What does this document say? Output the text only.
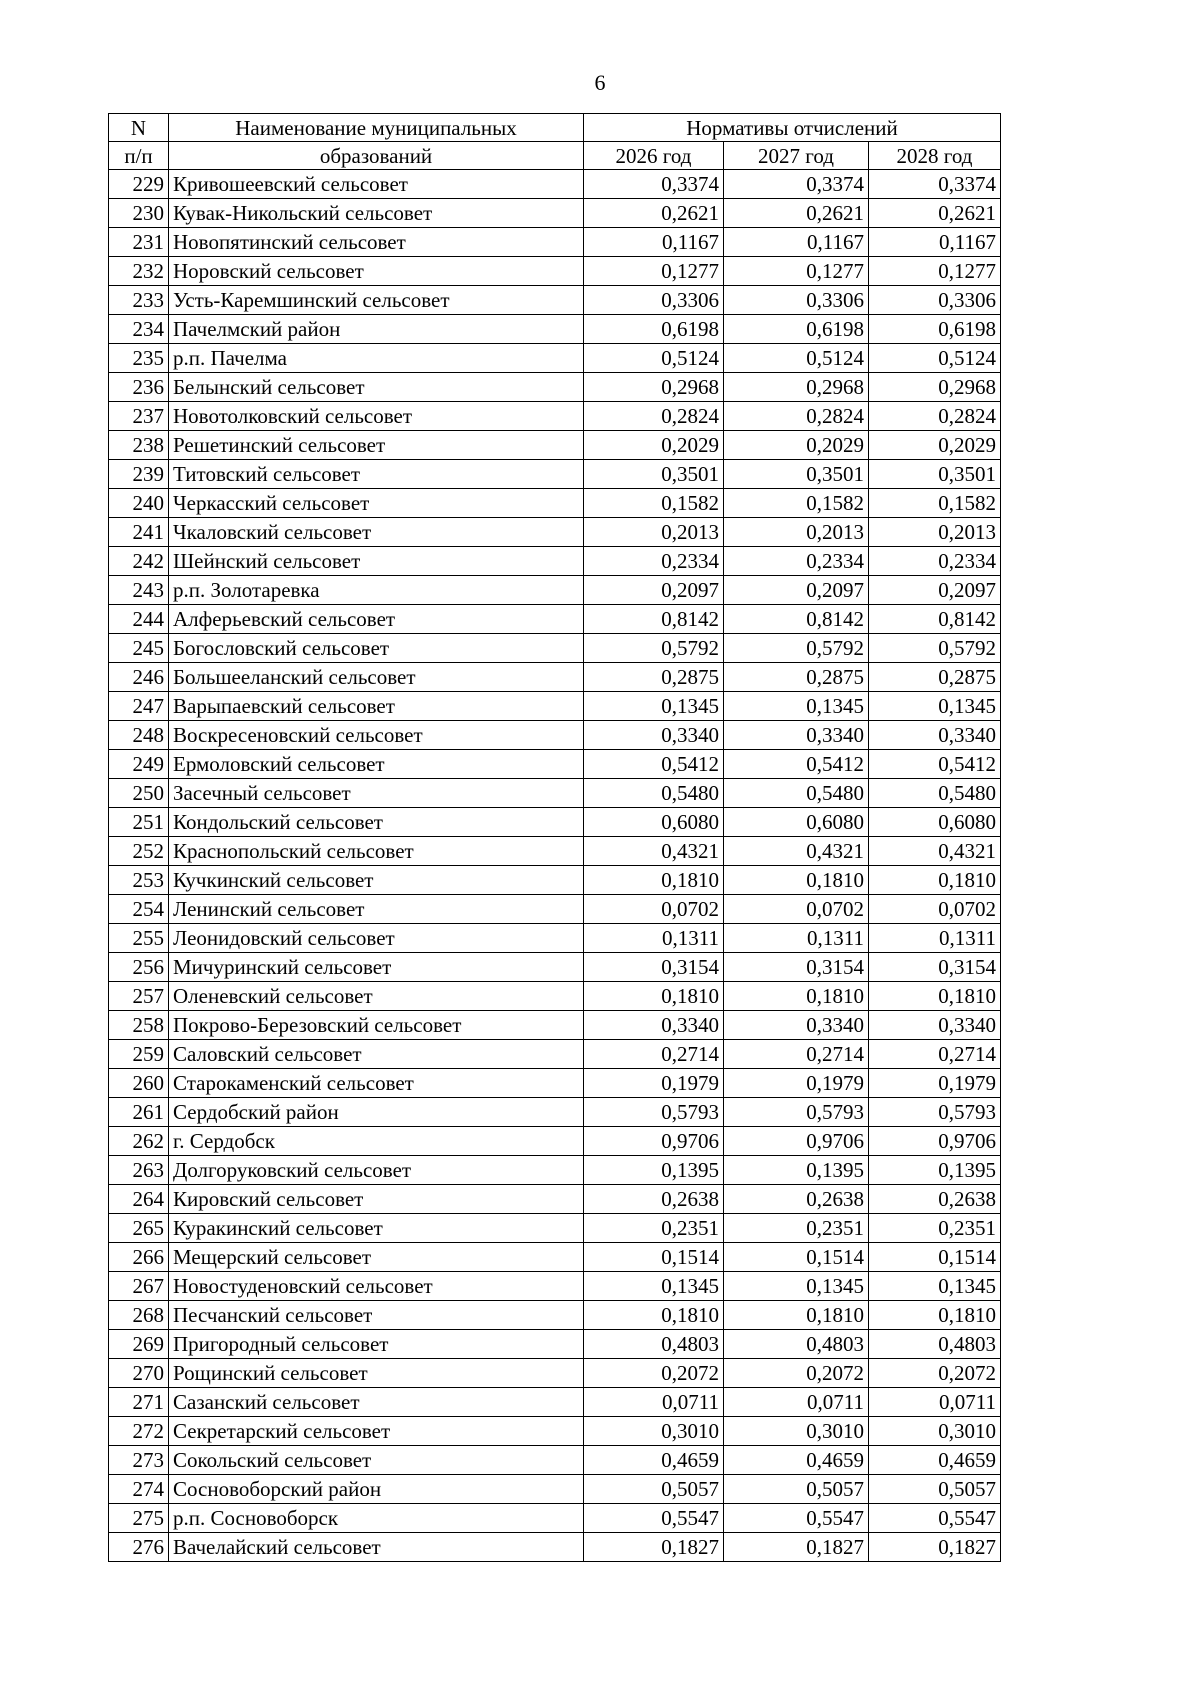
6
N	Наименование муниципальных	Нормативы отчислений		
п/п	образований	2026 год	2027 год	2028 год
229	Кривошеевский сельсовет	0,3374	0,3374	0,3374
230	Кувак-Никольский сельсовет	0,2621	0,2621	0,2621
231	Новопятинский сельсовет	0,1167	0,1167	0,1167
232	Норовский сельсовет	0,1277	0,1277	0,1277
233	Усть-Каремшинский сельсовет	0,3306	0,3306	0,3306
234	Пачелмский район	0,6198	0,6198	0,6198
235	р.п. Пачелма	0,5124	0,5124	0,5124
236	Белынский сельсовет	0,2968	0,2968	0,2968
237	Новотолковский сельсовет	0,2824	0,2824	0,2824
238	Решетинский сельсовет	0,2029	0,2029	0,2029
239	Титовский сельсовет	0,3501	0,3501	0,3501
240	Черкасский сельсовет	0,1582	0,1582	0,1582
241	Чкаловский сельсовет	0,2013	0,2013	0,2013
242	Шейнский сельсовет	0,2334	0,2334	0,2334
243	р.п. Золотаревка	0,2097	0,2097	0,2097
244	Алферьевский сельсовет	0,8142	0,8142	0,8142
245	Богословский сельсовет	0,5792	0,5792	0,5792
246	Большееланский сельсовет	0,2875	0,2875	0,2875
247	Варыпаевский сельсовет	0,1345	0,1345	0,1345
248	Воскресеновский сельсовет	0,3340	0,3340	0,3340
249	Ермоловский сельсовет	0,5412	0,5412	0,5412
250	Засечный сельсовет	0,5480	0,5480	0,5480
251	Кондольский сельсовет	0,6080	0,6080	0,6080
252	Краснопольский сельсовет	0,4321	0,4321	0,4321
253	Кучкинский сельсовет	0,1810	0,1810	0,1810
254	Ленинский сельсовет	0,0702	0,0702	0,0702
255	Леонидовский сельсовет	0,1311	0,1311	0,1311
256	Мичуринский сельсовет	0,3154	0,3154	0,3154
257	Оленевский сельсовет	0,1810	0,1810	0,1810
258	Покрово-Березовский сельсовет	0,3340	0,3340	0,3340
259	Саловский сельсовет	0,2714	0,2714	0,2714
260	Старокаменский сельсовет	0,1979	0,1979	0,1979
261	Сердобский район	0,5793	0,5793	0,5793
262	г. Сердобск	0,9706	0,9706	0,9706
263	Долгоруковский сельсовет	0,1395	0,1395	0,1395
264	Кировский сельсовет	0,2638	0,2638	0,2638
265	Куракинский сельсовет	0,2351	0,2351	0,2351
266	Мещерский сельсовет	0,1514	0,1514	0,1514
267	Новостуденовский сельсовет	0,1345	0,1345	0,1345
268	Песчанский сельсовет	0,1810	0,1810	0,1810
269	Пригородный сельсовет	0,4803	0,4803	0,4803
270	Рощинский сельсовет	0,2072	0,2072	0,2072
271	Сазанский сельсовет	0,0711	0,0711	0,0711
272	Секретарский сельсовет	0,3010	0,3010	0,3010
273	Сокольский сельсовет	0,4659	0,4659	0,4659
274	Сосновоборский район	0,5057	0,5057	0,5057
275	р.п. Сосновоборск	0,5547	0,5547	0,5547
276	Вачелайский сельсовет	0,1827	0,1827	0,1827
